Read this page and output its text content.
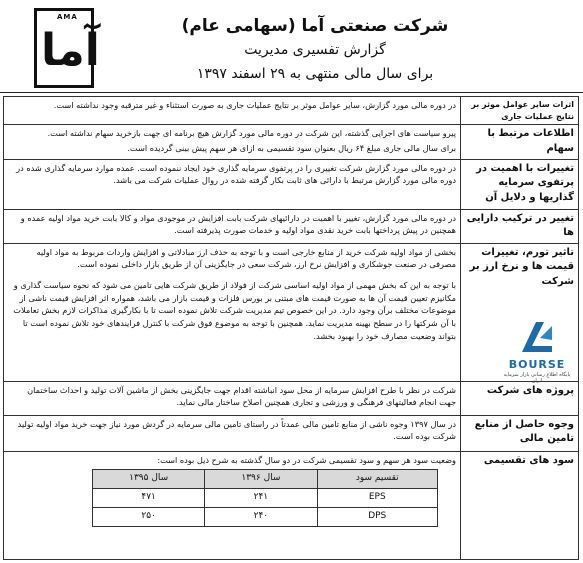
AMA
آما	شرکت صنعتی آما (سهامی عام)
گزارش تفسیری مدیریت
برای سال مالی منتهی به ۲۹ اسفند ۱۳۹۷
اثرات سایر عوامل موثر بر نتایج عملیات جاری	

در دوره مالی مورد گزارش، سایر عوامل موثر بر نتایج عملیات جاری به صورت استثناء و غیر مترقبه وجود نداشته است.

اطلاعات مرتبط با سهام	

پیرو سیاست های اجرایی گذشته، این شرکت در دوره مالی مورد گزارش هیچ برنامه ای جهت بازخرید سهام نداشته است.

برای سال مالی جاری مبلغ ۶۴ ریال بعنوان سود تقسیمی به ازای هر سهم پیش بینی گردیده است.

تغییرات با اهمیت در پرتفوی سرمایه گذاریها و دلایل آن	

در دوره مالی مورد گزارش شرکت تغییری را در پرتفوی سرمایه گذاری خود ایجاد ننموده است. عمده موارد سرمایه گذاری شده در دوره مالی مورد گزارش مرتبط با دارائی های ثابت بکار گرفته شده در روال عملیات شرکت می باشد.

تغییر در ترکیب دارایی ها	

در دوره مالی مورد گزارش، تغییر با اهمیت در دارائیهای شرکت بابت افزایش در موجودی مواد و کالا بابت خرید مواد اولیه عمده و همچنین در پیش پرداختها بابت خرید نقدی مواد اولیه و خدمات صورت پذیرفته است.

تاثیر تورم، تغییرات قیمت ها و نرخ ارز بر شرکت	

بخشی از مواد اولیه شرکت خرید از منابع خارجی است و با توجه به حذف ارز مبادلاتی و افزایش واردات مربوط به مواد اولیه مصرفی در صنعت جوشکاری و افزایش نرخ ارز، شرکت سعی در جایگزینی آن از طریق بازار داخلی نموده است.

با توجه به این که بخش مهمی از مواد اولیه اساسی شرکت از فولاد از طریق شرکت هایی تامین می شود که نحوه سیاست گذاری و مکانیزم تعیین قیمت آن ها به صورت قیمت های مبتنی بر بورس فلزات و قیمت بازار می باشد، همواره اثر افزایش قیمت ناشی از موضوعات مختلف برآن وجود دارد. در این خصوص تیم مدیریت شرکت تلاش نموده است تا با بکارگیری مذاکرات لازم بخش تعاملات با آن شرکتها را در سطح بهینه مدیریت نماید. همچنین با توجه به موضوع فوق شرکت با کنترل فرایندهای خود تلاش نموده است تا بتواند وضعیت مصارف خود را بهبود بخشد.

پروژه های شرکت	

شرکت در نظر با طرح افزایش سرمایه از محل سود انباشته اقدام جهت جایگزینی بخش از ماشین آلات تولید و احداث ساختمان جهت انجام فعالیتهای فرهنگی و ورزشی و تجاری همچنین اصلاح ساختار مالی نماید.

وجوه حاصل از منابع تامین مالی	

در سال ۱۳۹۷ وجوه ناشی از منابع تامین مالی عمدتاً در راستای تامین مالی سرمایه در گردش مورد نیاز جهت خرید مواد اولیه تولید شرکت بوده است.

سود های تقسیمی	

وضعیت سود هر سهم و سود تقسیمی شرکت در دو سال گذشته به شرح ذیل بوده است:

تقسیم سود	سال ۱۳۹۶	سال ۱۳۹۵
EPS	۲۴۱	۴۷۱
DPS	۲۴۰	۲۵۰
BOURSE
پایگاه اطلاع رسانی بازار سرمایه ایران
